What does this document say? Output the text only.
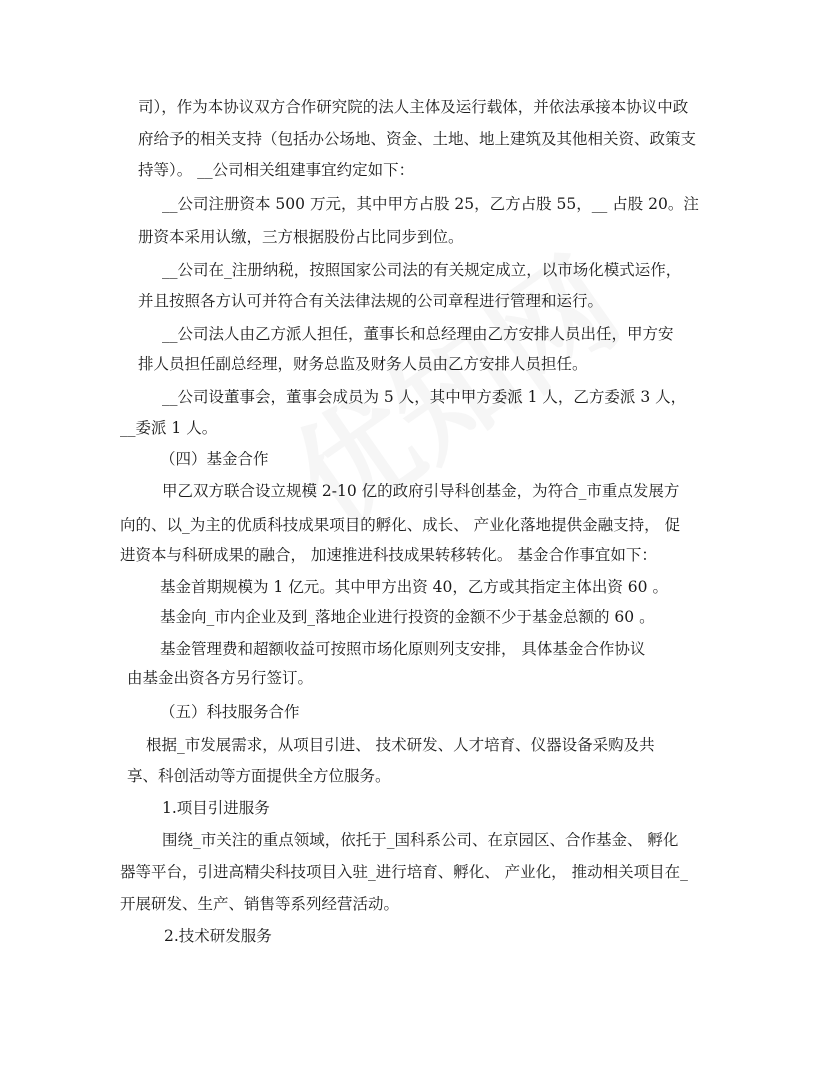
司），作为本协议双方合作研究院的法人主体及运行载体，并依法承接本协议中政
府给予的相关支持（包括办公场地、资金、土地、地上建筑及其他相关资、政策支
持等）。 __公司相关组建事宜约定如下：
__公司注册资本 500 万元，其中甲方占股 25，乙方占股 55，__ 占股 20。注
册资本采用认缴，三方根据股份占比同步到位。
__公司在_注册纳税，按照国家公司法的有关规定成立，以市场化模式运作，
并且按照各方认可并符合有关法律法规的公司章程进行管理和运行。
__公司法人由乙方派人担任，董事长和总经理由乙方安排人员出任，甲方安
排人员担任副总经理，财务总监及财务人员由乙方安排人员担任。
__公司设董事会，董事会成员为 5 人，其中甲方委派 1 人，乙方委派 3 人，
__委派 1 人。
（四）基金合作
甲乙双方联合设立规模 2-10 亿的政府引导科创基金，为符合_市重点发展方
向的、以_为主的优质科技成果项目的孵化、成长、 产业化落地提供金融支持， 促
进资本与科研成果的融合， 加速推进科技成果转移转化。 基金合作事宜如下：
基金首期规模为 1 亿元。其中甲方出资 40，乙方或其指定主体出资 60 。
基金向_市内企业及到_落地企业进行投资的金额不少于基金总额的 60 。
基金管理费和超额收益可按照市场化原则列支安排， 具体基金合作协议
由基金出资各方另行签订。
（五）科技服务合作
根据_市发展需求，从项目引进、 技术研发、人才培育、仪器设备采购及共
享、科创活动等方面提供全方位服务。
1.项目引进服务
围绕_市关注的重点领域，依托于_国科系公司、在京园区、合作基金、 孵化
器等平台，引进高精尖科技项目入驻_进行培育、孵化、 产业化， 推动相关项目在_
开展研发、生产、销售等系列经营活动。
2.技术研发服务
